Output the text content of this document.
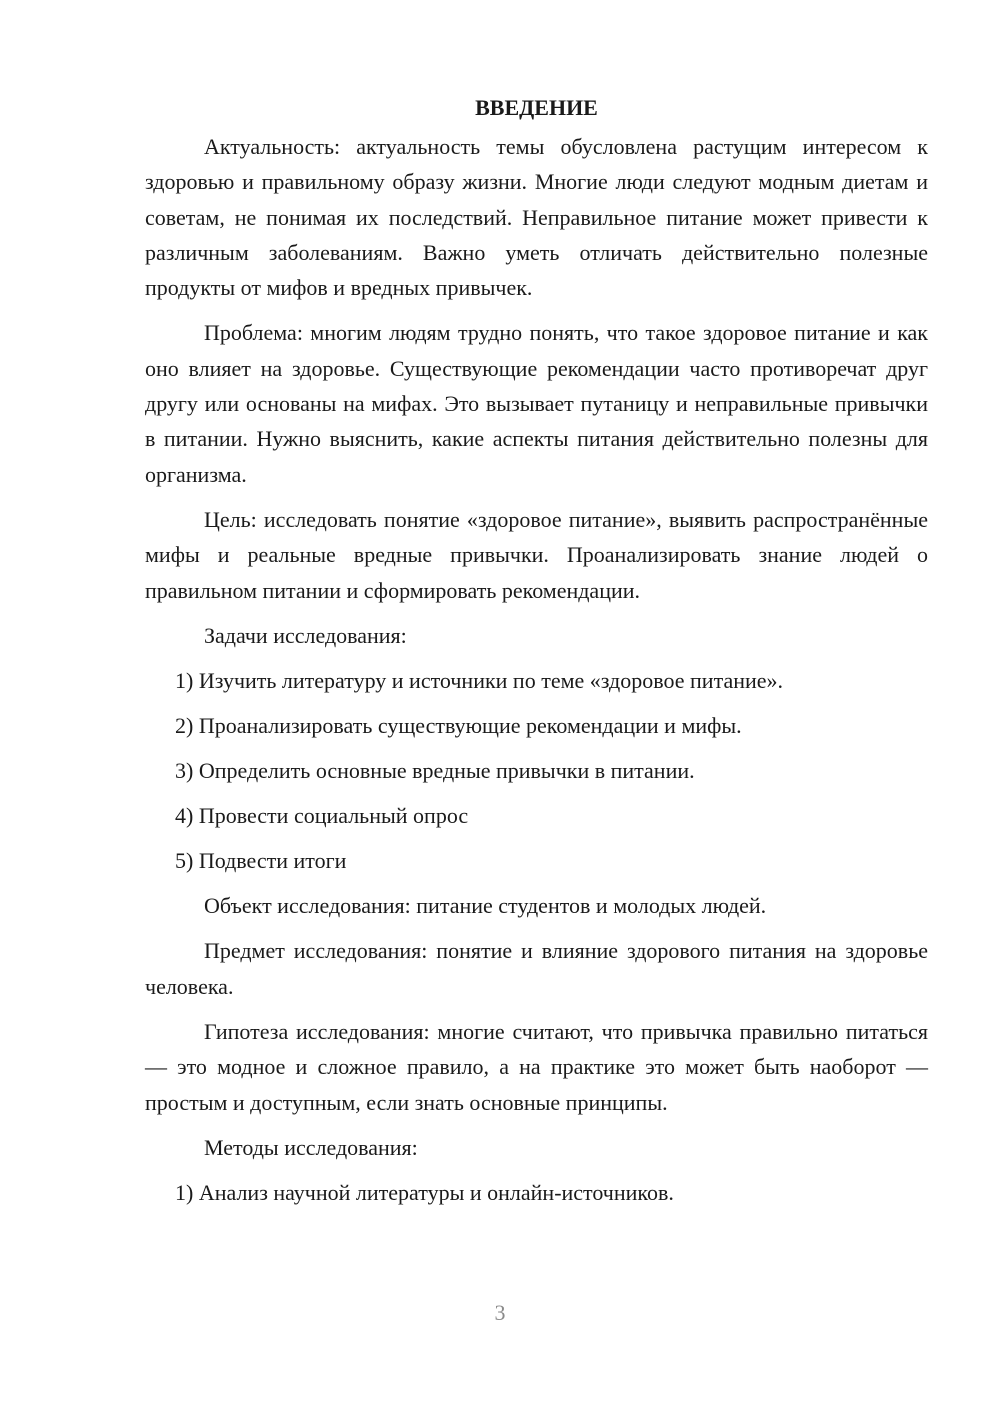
ВВЕДЕНИЕ

Актуальность: актуальность темы обусловлена растущим интересом к здоровью и правильному образу жизни. Многие люди следуют модным диетам и советам, не понимая их последствий. Неправильное питание может привести к различным заболеваниям. Важно уметь отличать действительно полезные продукты от мифов и вредных привычек.

Проблема: многим людям трудно понять, что такое здоровое питание и как оно влияет на здоровье. Существующие рекомендации часто противоречат друг другу или основаны на мифах. Это вызывает путаницу и неправильные привычки в питании. Нужно выяснить, какие аспекты питания действительно полезны для организма.

Цель: исследовать понятие «здоровое питание», выявить распространённые мифы и реальные вредные привычки. Проанализировать знание людей о правильном питании и сформировать рекомендации.

Задачи исследования:

1) Изучить литературу и источники по теме «здоровое питание».
2) Проанализировать существующие рекомендации и мифы.
3) Определить основные вредные привычки в питании.
4) Провести социальный опрос
5) Подвести итоги

Объект исследования: питание студентов и молодых людей.

Предмет исследования: понятие и влияние здорового питания на здоровье человека.

Гипотеза исследования: многие считают, что привычка правильно питаться — это модное и сложное правило, а на практике это может быть наоборот — простым и доступным, если знать основные принципы.

Методы исследования:

1) Анализ научной литературы и онлайн-источников.
3
